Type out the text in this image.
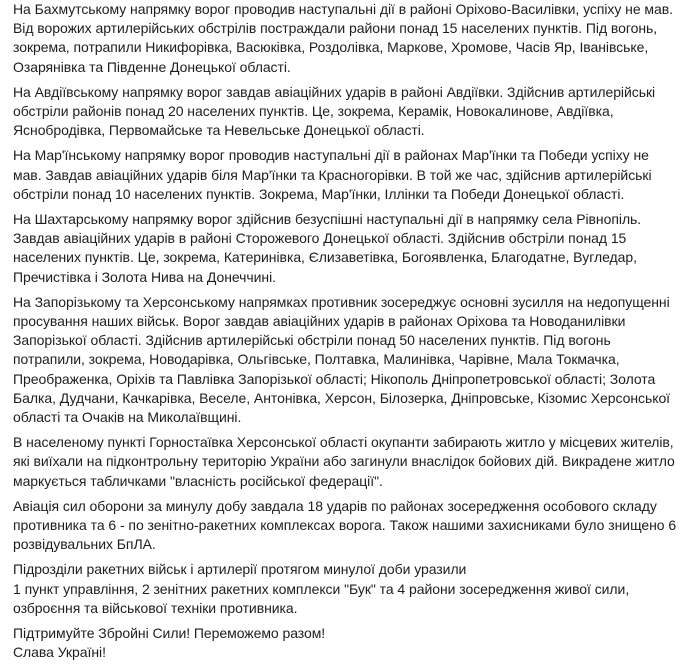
На Бахмутському напрямку ворог проводив наступальні дії в районі Оріхово-Василівки, успіху не мав.
Від ворожих артилерійських обстрілів постраждали райони понад 15 населених пунктів. Під вогонь,
зокрема, потрапили Никифорівка, Васюківка, Роздолівка, Маркове, Хромове, Часів Яр, Іванівське,
Озарянівка та Південне Донецької області.

На Авдіївському напрямку ворог завдав авіаційних ударів в районі Авдіївки. Здійснив артилерійські
обстріли районів понад 20 населених пунктів. Це, зокрема, Керамік, Новокалинове, Авдіївка,
Яснобродівка, Первомайське та Невельське Донецької області.

На Мар'їнському напрямку ворог проводив наступальні дії в районах Мар'їнки та Победи успіху не
мав. Завдав авіаційних ударів біля Мар'їнки та Красногорівки. В той же час, здійснив артилерійські
обстріли понад 10 населених пунктів. Зокрема, Мар'їнки, Іллінки та Победи Донецької області.

На Шахтарському напрямку ворог здійснив безуспішні наступальні дії в напрямку села Рівнопіль.
Завдав авіаційних ударів в районі Сторожевого Донецької області. Здійснив обстріли понад 15
населених пунктів. Це, зокрема, Катеринівка, Єлизаветівка, Богоявленка, Благодатне, Вугледар,
Пречистівка і Золота Нива на Донеччині.

На Запорізькому та Херсонському напрямках противник зосереджує основні зусилля на недопущенні
просування наших військ. Ворог завдав авіаційних ударів в районах Оріхова та Новоданилівки
Запорізької області. Здійснив артилерійські обстріли понад 50 населених пунктів. Під вогонь
потрапили, зокрема, Новодарівка, Ольгівське, Полтавка, Малинівка, Чарівне, Мала Токмачка,
Преображенка, Оріхів та Павлівка Запорізької області; Нікополь Дніпропетровської області; Золота
Балка, Дудчани, Качкарівка, Веселе, Антонівка, Херсон, Білозерка, Дніпровське, Кізомис Херсонської
області та Очаків на Миколаївщині.

В населеному пункті Горностаївка Херсонської області окупанти забирають житло у місцевих жителів,
які виїхали на підконтрольну територію України або загинули внаслідок бойових дій. Викрадене житло
маркується табличками "власність російської федерації".

Авіація сил оборони за минулу добу завдала 18 ударів по районах зосередження особового складу
противника та 6 - по зенітно-ракетних комплексах ворога. Також нашими захисниками було знищено 6
розвідувальних БпЛА.

Підрозділи ракетних військ і артилерії протягом минулої доби уразили
1 пункт управління, 2 зенітних ракетних комплекси "Бук" та 4 райони зосередження живої сили,
озброєння та військової техніки противника.

Підтримуйте Збройні Сили! Переможемо разом!
Слава Україні!
